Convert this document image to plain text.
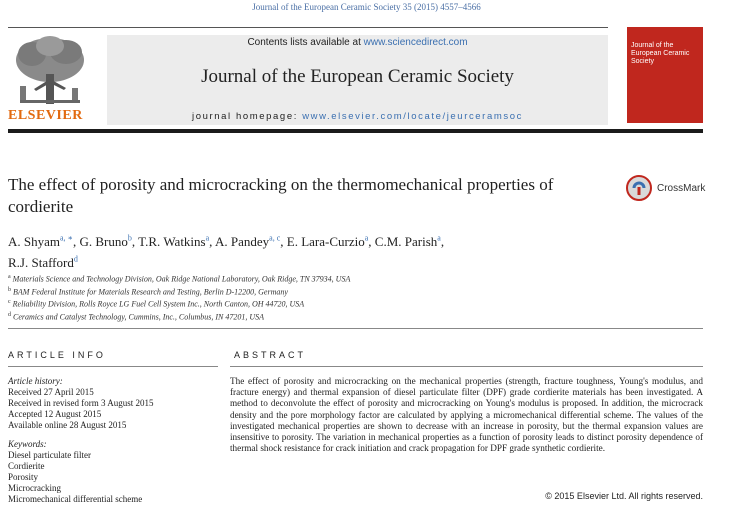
Journal of the European Ceramic Society 35 (2015) 4557–4566
ELSEVIER
Contents lists available at www.sciencedirect.com
Journal of the European Ceramic Society
journal homepage: www.elsevier.com/locate/jeurceramsoc
Journal of the European Ceramic Society
The effect of porosity and microcracking on the thermomechanical properties of cordierite
CrossMark
A. Shyam$^{a, ∗}$, G. Bruno$^b$, T.R. Watkins$^a$, A. Pandey$^{a, c}$, E. Lara-Curzio$^a$, C.M. Parish$^a$,
R.J. Stafford$^d$
$^a$ Materials Science and Technology Division, Oak Ridge National Laboratory, Oak Ridge, TN 37934, USA
$^b$ BAM Federal Institute for Materials Research and Testing, Berlin D-12200, Germany
$^c$ Reliability Division, Rolls Royce LG Fuel Cell System Inc., North Canton, OH 44720, USA
$^d$ Ceramics and Catalyst Technology, Cummins, Inc., Columbus, IN 47201, USA
ARTICLE INFO	ABSTRACT
Article history:
Received 27 April 2015
Received in revised form 3 August 2015
Accepted 12 August 2015
Available online 28 August 2015
Keywords:
Diesel particulate filter
Cordierite
Porosity
Microcracking
Micromechanical differential scheme
The effect of porosity and microcracking on the mechanical properties (strength, fracture toughness, Young's modulus, and fracture energy) and thermal expansion of diesel particulate filter (DPF) grade cordierite materials has been investigated. A method to deconvolute the effect of porosity and microcracking on Young's modulus is proposed. In addition, the microcrack density and the pore morphology factor are calculated by applying a micromechanical differential scheme. The values of the investigated mechanical properties are shown to decrease with an increase in porosity, but the thermal expansion values are insensitive to porosity. The variation in mechanical properties as a function of porosity leads to distinct porosity dependence of thermal shock resistance for crack initiation and crack propagation for DPF grade synthetic cordierite.
© 2015 Elsevier Ltd. All rights reserved.
